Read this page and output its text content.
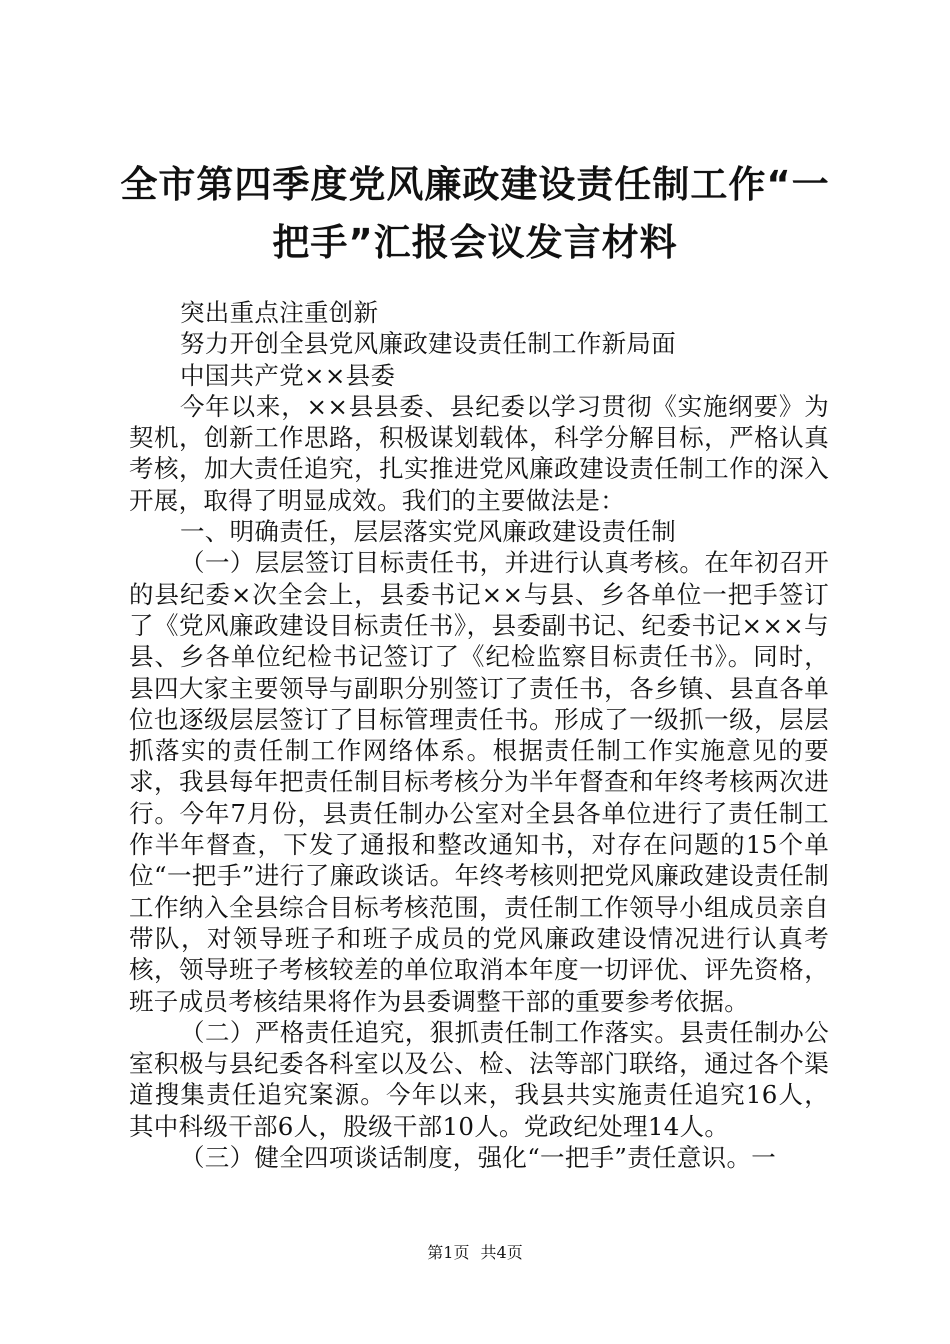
全市第四季度党风廉政建设责任制工作“一把手”汇报会议发言材料

突出重点注重创新

努力开创全县党风廉政建设责任制工作新局面

中国共产党××县委

今年以来，××县县委、县纪委以学习贯彻《实施纲要》为契机，创新工作思路，积极谋划载体，科学分解目标，严格认真考核，加大责任追究，扎实推进党风廉政建设责任制工作的深入开展，取得了明显成效。我们的主要做法是：

一、明确责任，层层落实党风廉政建设责任制

（一）层层签订目标责任书，并进行认真考核。在年初召开的县纪委×次全会上，县委书记××与县、乡各单位一把手签订了《党风廉政建设目标责任书》，县委副书记、纪委书记×××与县、乡各单位纪检书记签订了《纪检监察目标责任书》。同时，县四大家主要领导与副职分别签订了责任书，各乡镇、县直各单位也逐级层层签订了目标管理责任书。形成了一级抓一级，层层抓落实的责任制工作网络体系。根据责任制工作实施意见的要求，我县每年把责任制目标考核分为半年督查和年终考核两次进行。今年7月份，县责任制办公室对全县各单位进行了责任制工作半年督查，下发了通报和整改通知书，对存在问题的15个单位“一把手”进行了廉政谈话。年终考核则把党风廉政建设责任制工作纳入全县综合目标考核范围，责任制工作领导小组成员亲自带队，对领导班子和班子成员的党风廉政建设情况进行认真考核，领导班子考核较差的单位取消本年度一切评优、评先资格，班子成员考核结果将作为县委调整干部的重要参考依据。

（二）严格责任追究，狠抓责任制工作落实。县责任制办公室积极与县纪委各科室以及公、检、法等部门联络，通过各个渠道搜集责任追究案源。今年以来，我县共实施责任追究16人，其中科级干部6人，股级干部10人。党政纪处理14人。

（三）健全四项谈话制度，强化“一把手”责任意识。一

第1页 共4页
